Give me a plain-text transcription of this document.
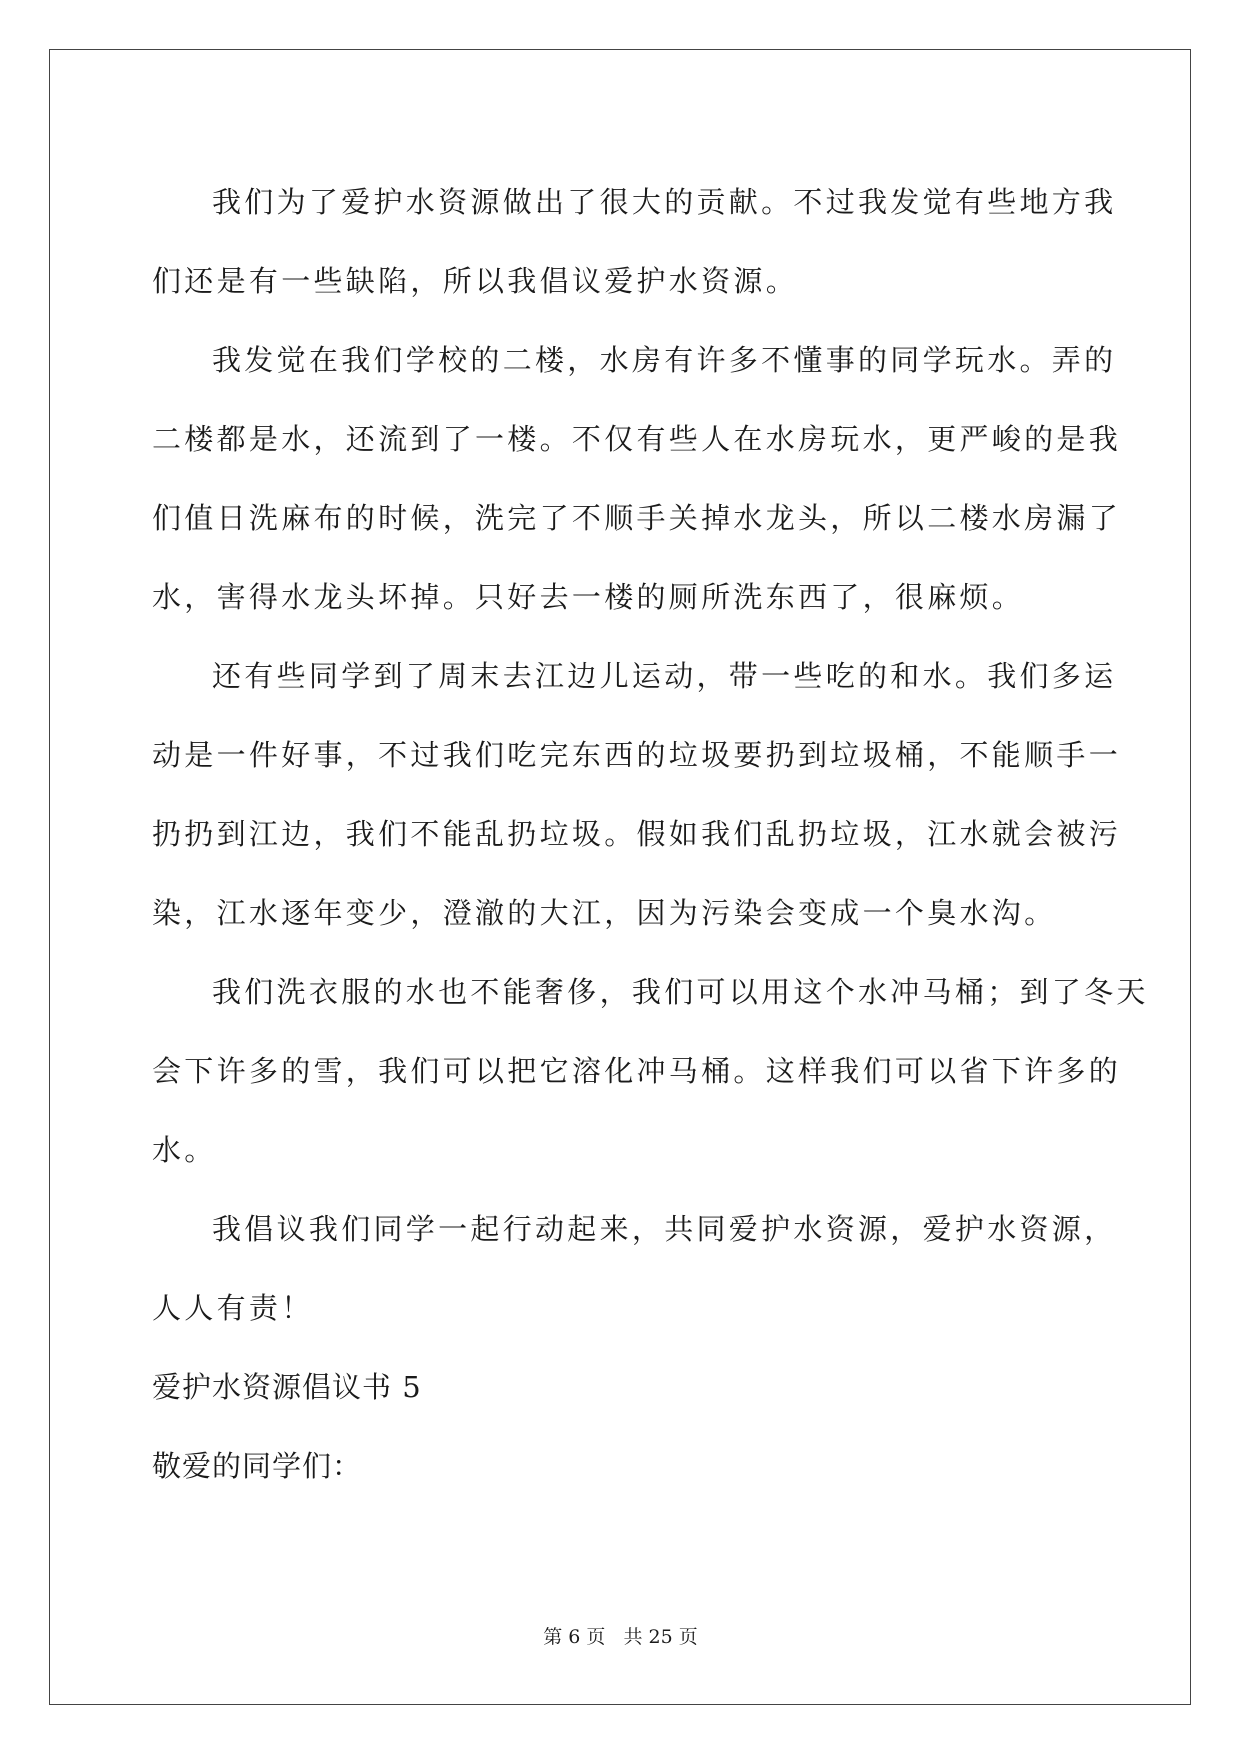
我们为了爱护水资源做出了很大的贡献。不过我发觉有些地方我
们还是有一些缺陷，所以我倡议爱护水资源。
我发觉在我们学校的二楼，水房有许多不懂事的同学玩水。弄的
二楼都是水，还流到了一楼。不仅有些人在水房玩水，更严峻的是我
们值日洗麻布的时候，洗完了不顺手关掉水龙头，所以二楼水房漏了
水，害得水龙头坏掉。只好去一楼的厕所洗东西了，很麻烦。
还有些同学到了周末去江边儿运动，带一些吃的和水。我们多运
动是一件好事，不过我们吃完东西的垃圾要扔到垃圾桶，不能顺手一
扔扔到江边，我们不能乱扔垃圾。假如我们乱扔垃圾，江水就会被污
染，江水逐年变少，澄澈的大江，因为污染会变成一个臭水沟。
我们洗衣服的水也不能奢侈，我们可以用这个水冲马桶；到了冬天
会下许多的雪，我们可以把它溶化冲马桶。这样我们可以省下许多的
水。
我倡议我们同学一起行动起来，共同爱护水资源，爱护水资源，
人人有责！
爱护水资源倡议书 5
敬爱的同学们：
第 6 页 共 25 页
